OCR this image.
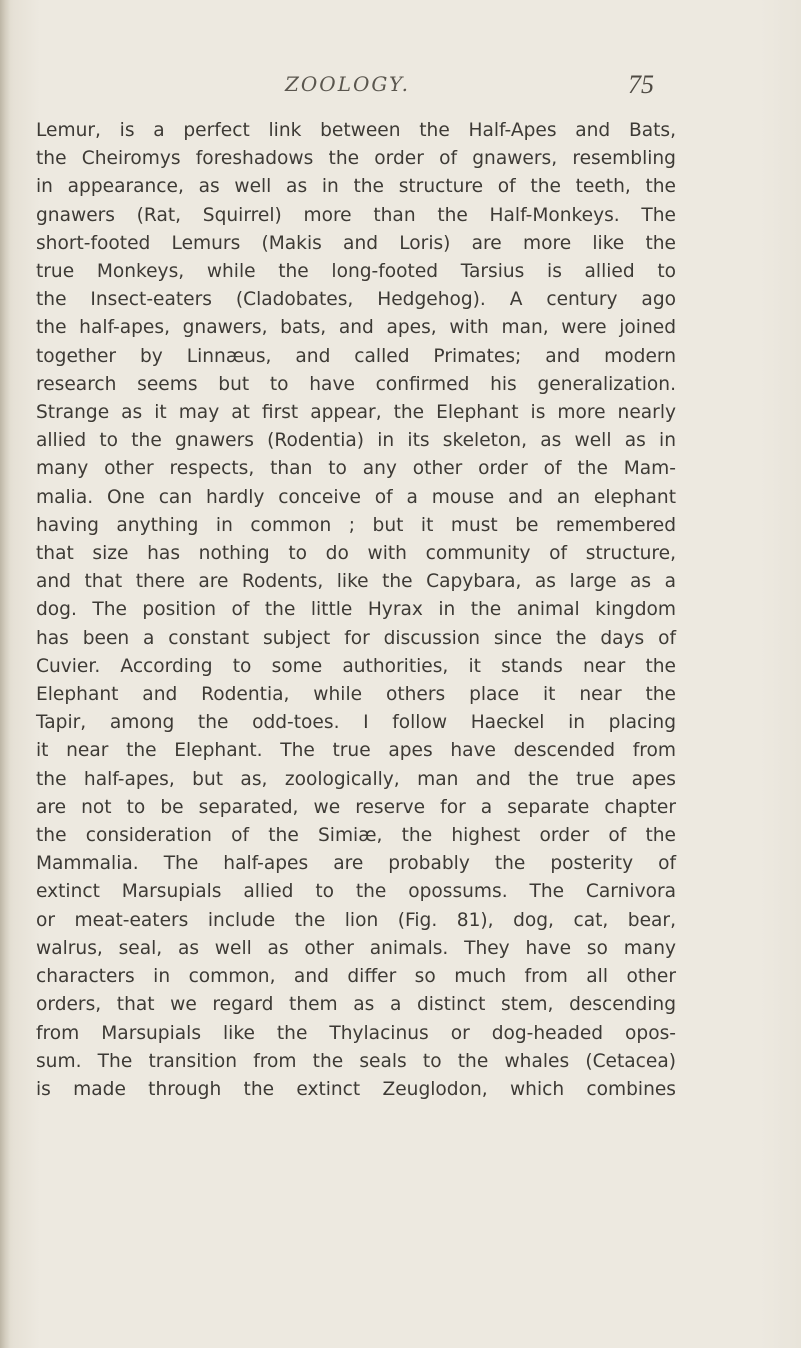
ZOOLOGY.	75

Lemur, is a perfect link between the Half-Apes and Bats,
the Cheiromys foreshadows the order of gnawers, resembling
in appearance, as well as in the structure of the teeth, the
gnawers (Rat, Squirrel) more than the Half-Monkeys. The
short-footed Lemurs (Makis and Loris) are more like the
true Monkeys, while the long-footed Tarsius is allied to
the Insect-eaters (Cladobates, Hedgehog). A century ago
the half-apes, gnawers, bats, and apes, with man, were joined
together by Linnæus, and called Primates; and modern
research seems but to have confirmed his generalization.
Strange as it may at first appear, the Elephant is more nearly
allied to the gnawers (Rodentia) in its skeleton, as well as in
many other respects, than to any other order of the Mam-
malia. One can hardly conceive of a mouse and an elephant
having anything in common ; but it must be remembered
that size has nothing to do with community of structure,
and that there are Rodents, like the Capybara, as large as a
dog. The position of the little Hyrax in the animal kingdom
has been a constant subject for discussion since the days of
Cuvier. According to some authorities, it stands near the
Elephant and Rodentia, while others place it near the
Tapir, among the odd-toes. I follow Haeckel in placing
it near the Elephant. The true apes have descended from
the half-apes, but as, zoologically, man and the true apes
are not to be separated, we reserve for a separate chapter
the consideration of the Simiæ, the highest order of the
Mammalia. The half-apes are probably the posterity of
extinct Marsupials allied to the opossums. The Carnivora
or meat-eaters include the lion (Fig. 81), dog, cat, bear,
walrus, seal, as well as other animals. They have so many
characters in common, and differ so much from all other
orders, that we regard them as a distinct stem, descending
from Marsupials like the Thylacinus or dog-headed opos-
sum. The transition from the seals to the whales (Cetacea)
is made through the extinct Zeuglodon, which combines
